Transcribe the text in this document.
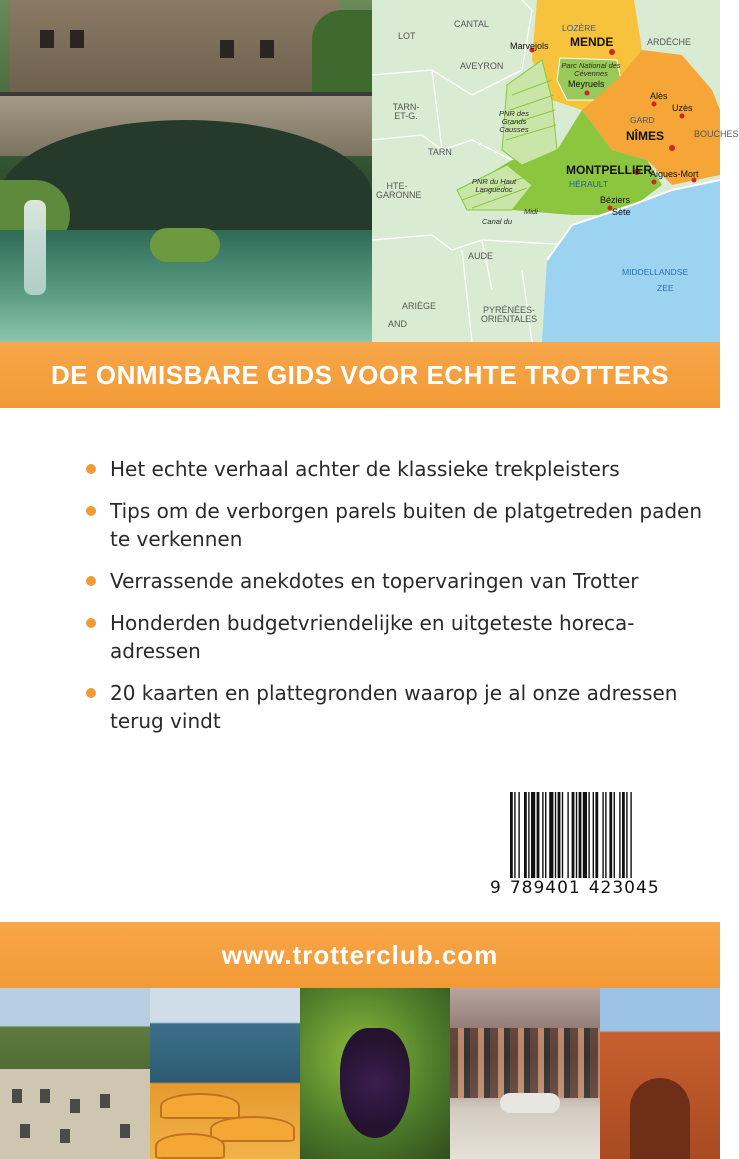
CANTAL	LOZÈRE
ARDÈCHE
LOT
AVEYRON
TARN-ET-G.
TARN
HTE-GARONNE
GARD
HÉRAULT
AUDE
ARIÈGE	PYRÉNÉES-ORIENTALES
BOUCHES
AND
MENDE
NÎMES
MONTPELLIER
Marvejols
Meyruels
Alès
Uzès
Béziers
Sète
Aigues-Mort
Parc National des Cévennes
PNR des Grands Causses
PNR du Haut Languedoc
Midi
Canal du
MIDDELLANDSE
ZEE
DE ONMISBARE GIDS VOOR ECHTE TROTTERS
Het echte verhaal achter de klassieke trekpleisters
Tips om de verborgen parels buiten de platgetreden paden te verkennen
Verrassende anekdotes en topervaringen van Trotter
Honderden budgetvriendelijke en uitgeteste horeca-adressen
20 kaarten en plattegronden waarop je al onze adressen terug vindt
9 789401 423045
www.trotterclub.com
